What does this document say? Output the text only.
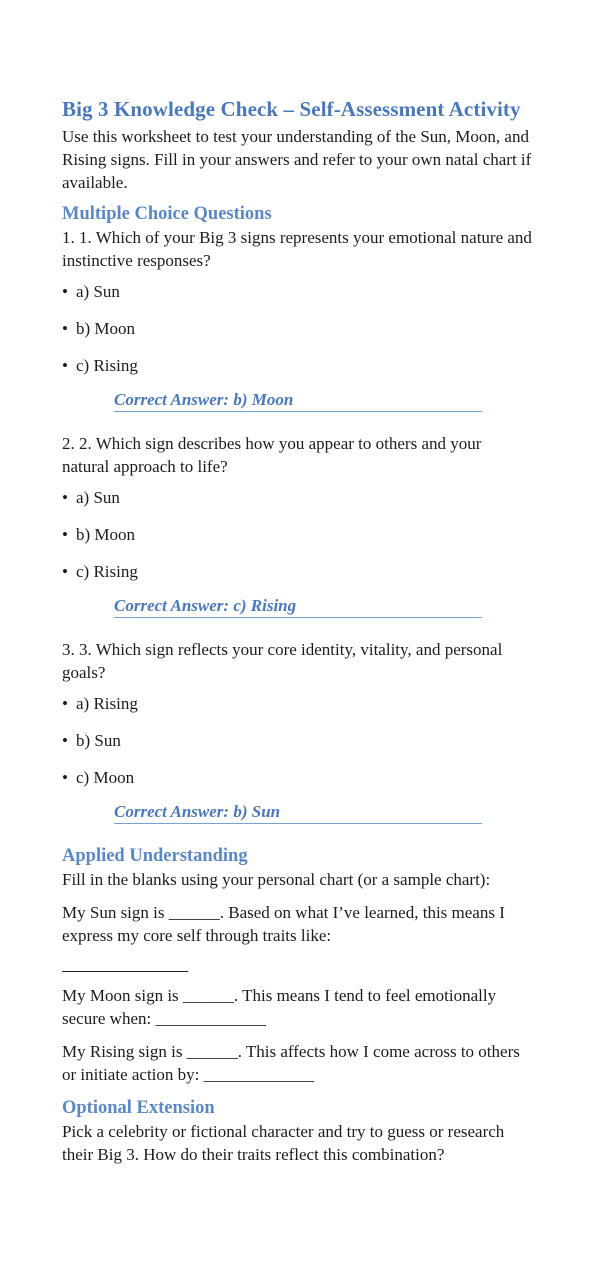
Big 3 Knowledge Check – Self-Assessment Activity

Use this worksheet to test your understanding of the Sun, Moon, and Rising signs. Fill in your answers and refer to your own natal chart if available.

Multiple Choice Questions

1. 1. Which of your Big 3 signs represents your emotional nature and instinctive responses?

• a) Sun
• b) Moon
• c) Rising
Correct Answer: b) Moon

2. 2. Which sign describes how you appear to others and your natural approach to life?

• a) Sun
• b) Moon
• c) Rising
Correct Answer: c) Rising

3. 3. Which sign reflects your core identity, vitality, and personal goals?

• a) Rising
• b) Sun
• c) Moon
Correct Answer: b) Sun
Applied Understanding

Fill in the blanks using your personal chart (or a sample chart):

My Sun sign is ______. Based on what I’ve learned, this means I express my core self through traits like:

My Moon sign is ______. This means I tend to feel emotionally secure when: _____________

My Rising sign is ______. This affects how I come across to others or initiate action by: _____________

Optional Extension

Pick a celebrity or fictional character and try to guess or research their Big 3. How do their traits reflect this combination?
